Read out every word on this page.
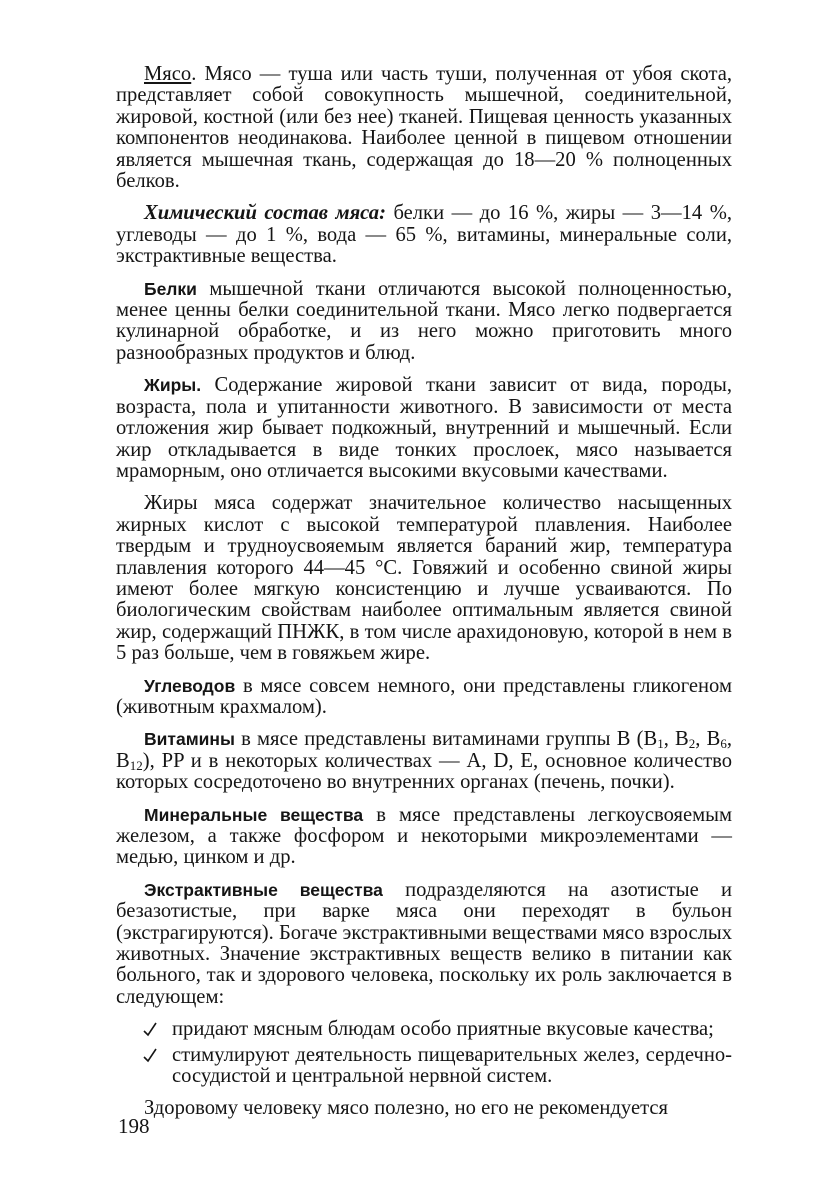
Мясо. Мясо — туша или часть туши, полученная от убоя скота, представляет собой совокупность мышечной, соединительной, жировой, костной (или без нее) тканей. Пищевая ценность указанных компонентов неодинакова. Наиболее ценной в пищевом отношении является мышечная ткань, содержащая до 18—20 % полноценных белков.

Химический состав мяса: белки — до 16 %, жиры — 3—14 %, углеводы — до 1 %, вода — 65 %, витамины, минеральные соли, экстрактивные вещества.

Белки мышечной ткани отличаются высокой полноценностью, менее ценны белки соединительной ткани. Мясо легко подвергается кулинарной обработке, и из него можно приготовить много разнообразных продуктов и блюд.

Жиры. Содержание жировой ткани зависит от вида, породы, возраста, пола и упитанности животного. В зависимости от места отложения жир бывает подкожный, внутренний и мышечный. Если жир откладывается в виде тонких прослоек, мясо называется мраморным, оно отличается высокими вкусовыми качествами.

Жиры мяса содержат значительное количество насыщенных жирных кислот с высокой температурой плавления. Наиболее твердым и трудноусвояемым является бараний жир, температура плавления которого 44—45 °С. Говяжий и особенно свиной жиры имеют более мягкую консистенцию и лучше усваиваются. По биологическим свойствам наиболее оптимальным является свиной жир, содержащий ПНЖК, в том числе арахидоновую, которой в нем в 5 раз больше, чем в говяжьем жире.

Углеводов в мясе совсем немного, они представлены гликогеном (животным крахмалом).

Витамины в мясе представлены витаминами группы В ($B_1$, $B_2$, $B_6$, $B_{12}$), PP и в некоторых количествах — A, D, E, основное количество которых сосредоточено во внутренних органах (печень, почки).

Минеральные вещества в мясе представлены легкоусвояемым железом, а также фосфором и некоторыми микроэлементами — медью, цинком и др.

Экстрактивные вещества подразделяются на азотистые и безазотистые, при варке мяса они переходят в бульон (экстрагируются). Богаче экстрактивными веществами мясо взрослых животных. Значение экстрактивных веществ велико в питании как больного, так и здорового человека, поскольку их роль заключается в следующем:

придают мясным блюдам особо приятные вкусовые качества;
стимулируют деятельность пищеварительных желез, сердечно-сосудистой и центральной нервной систем.

Здоровому человеку мясо полезно, но его не рекомендуется

198
